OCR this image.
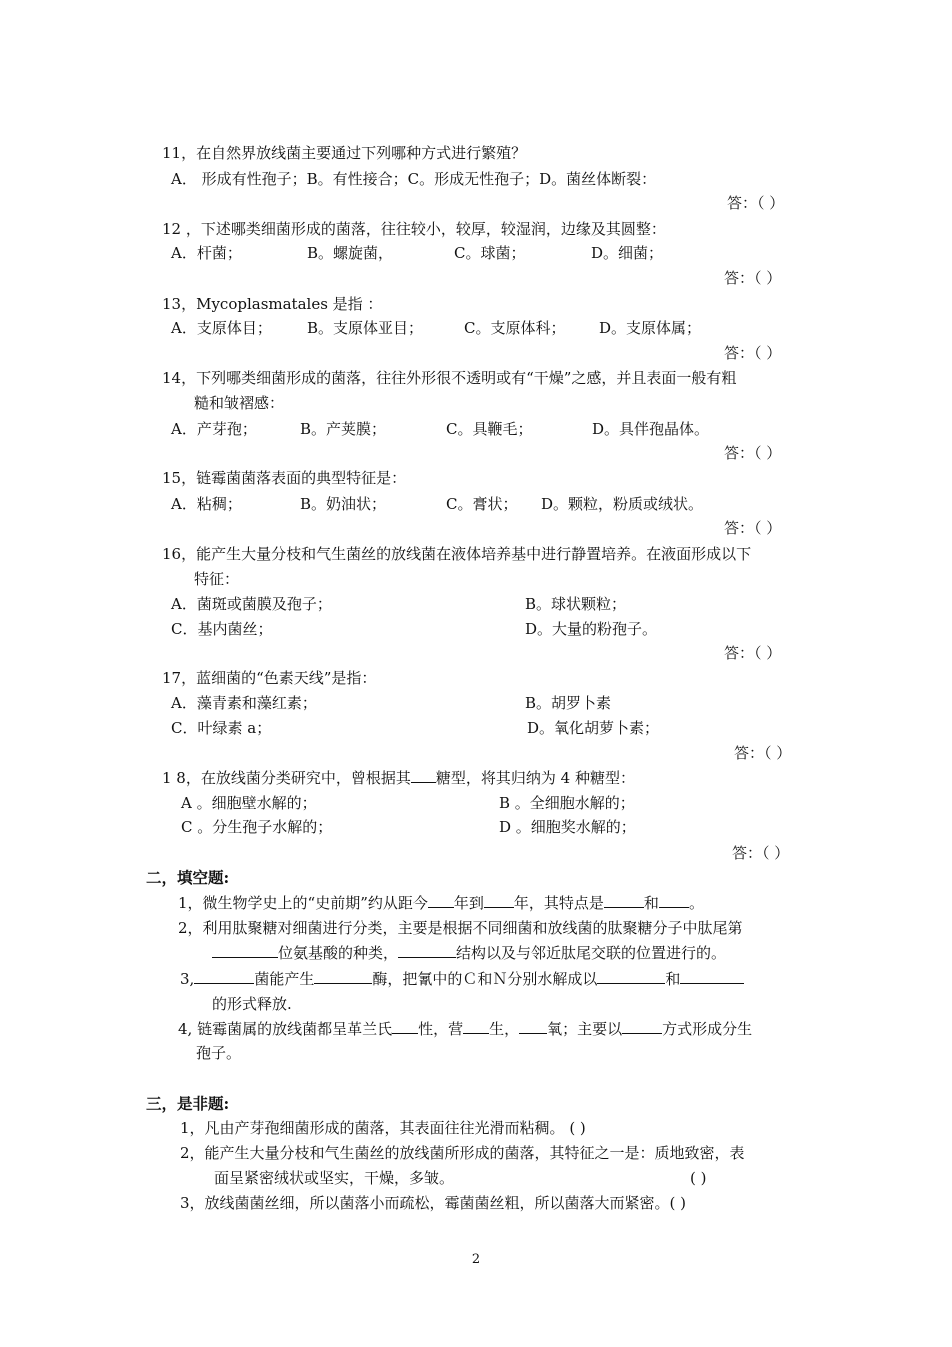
11，在自然界放线菌主要通过下列哪种方式进行繁殖？
A． 形成有性孢子；B。有性接合；C。形成无性孢子；D。菌丝体断裂：
答：（ ）
12 ，下述哪类细菌形成的菌落，往往较小，较厚，较湿润，边缘及其圆整：
A．杆菌；	B。螺旋菌，	C。球菌；	D。细菌；
答：（ ）
13，Mycoplasmatales 是指 ：
A．支原体目； B。支原体亚目；	C。支原体科； D。支原体属；
答：（ ）
14，下列哪类细菌形成的菌落，往往外形很不透明或有“干燥”之感，并且表面一般有粗
糙和皱褶感：
A．产芽孢；	B。产荚膜；	C。具鞭毛；	D。具伴孢晶体。
答：（ ）
15，链霉菌菌落表面的典型特征是：
A．粘稠；	B。奶油状；	C。膏状； D。颗粒，粉质或绒状。
答：（ ）
16，能产生大量分枝和气生菌丝的放线菌在液体培养基中进行静置培养。在液面形成以下
特征：
A．菌斑或菌膜及孢子；	B。球状颗粒；
C．基内菌丝；	D。大量的粉孢子。
答：（ ）
17，蓝细菌的“色素天线”是指：
A．藻青素和藻红素；	B。胡罗卜素
C．叶绿素 a；	D。氧化胡萝卜素；
答：（ ）
1 8，在放线菌分类研究中，曾根据其 糖型，将其归纳为 4 种糖型：
A 。细胞壁水解的；	B 。全细胞水解的；
C 。分生孢子水解的；	D 。细胞奖水解的；
答：（ ）
二，填空题:
1，微生物学史上的“史前期”约从距今 年到 年，其特点是	和 。
2，利用肽聚糖对细菌进行分类，主要是根据不同细菌和放线菌的肽聚糖分子中肽尾第
位氨基酸的种类，	结构以及与邻近肽尾交联的位置进行的。
3,	菌能产生	酶，把氰中的Ｃ和Ｎ分别水解成以	和
的形式释放.
4, 链霉菌属的放线菌都呈革兰氏 性，营 生， 氧；主要以	方式形成分生
孢子。
三，是非题:
1，凡由产芽孢细菌形成的菌落，其表面往往光滑而粘稠。 ( )
2，能产生大量分枝和气生菌丝的放线菌所形成的菌落，其特征之一是：质地致密，表
面呈紧密绒状或坚实，干燥，多皱。	( )
3，放线菌菌丝细，所以菌落小而疏松，霉菌菌丝粗，所以菌落大而紧密。( )
2
